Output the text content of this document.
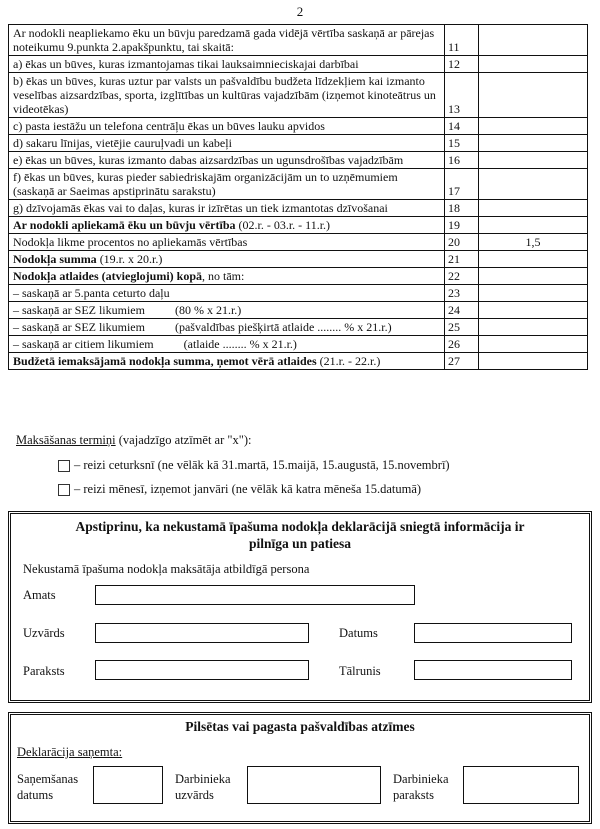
2
Ar nodokli neapliekamo ēku un būvju paredzamā gada vidējā vērtība saskaņā ar pārejas noteikumu 9.punkta 2.apakšpunktu, tai skaitā:	11	
a) ēkas un būves, kuras izmantojamas tikai lauksaimnieciskajai darbībai	12	
b) ēkas un būves, kuras uztur par valsts un pašvaldību budžeta līdzekļiem kai izmanto veselības aizsardzības, sporta, izglītības un kultūras vajadzībām (izņemot kinoteātrus un videotēkas)	13	
c) pasta iestāžu un telefona centrāļu ēkas un būves lauku apvidos	14	
d) sakaru līnijas, vietējie cauruļvadi un kabeļi	15	
e) ēkas un būves, kuras izmanto dabas aizsardzības un ugunsdrošības vajadzībām	16	
f) ēkas un būves, kuras pieder sabiedriskajām organizācijām un to uzņēmumiem (saskaņā ar Saeimas apstiprinātu sarakstu)	17	
g) dzīvojamās ēkas vai to daļas, kuras ir izīrētas un tiek izmantotas dzīvošanai	18	
Ar nodokli apliekamā ēku un būvju vērtība (02.r. - 03.r. - 11.r.)	19	
Nodokļa likme procentos no apliekamās vērtības	20	1,5
Nodokļa summa (19.r. x 20.r.)	21	
Nodokļa atlaides (atvieglojumi) kopā, no tām:	22	
– saskaņā ar 5.panta ceturto daļu	23	
– saskaņā ar SEZ likumiem          (80 % x 21.r.)	24	
– saskaņā ar SEZ likumiem          (pašvaldības piešķirtā atlaide ........ % x 21.r.)	25	
– saskaņā ar citiem likumiem          (atlaide ........ % x 21.r.)	26	
Budžetā iemaksājamā nodokļa summa, ņemot vērā atlaides (21.r. - 22.r.)	27	
Maksāšanas termiņi (vajadzīgo atzīmēt ar "x"):
– reizi ceturksnī (ne vēlāk kā 31.martā, 15.maijā, 15.augustā, 15.novembrī)
– reizi mēnesī, izņemot janvāri (ne vēlāk kā katra mēneša 15.datumā)
Apstiprinu, ka nekustamā īpašuma nodokļa deklarācijā sniegtā informācija ir
pilnīga un patiesa
Nekustamā īpašuma nodokļa maksātāja atbildīgā persona
Amats
Uzvārds	Datums
Paraksts	Tālrunis
Pilsētas vai pagasta pašvaldības atzīmes
Deklarācija saņemta:
Saņemšanas
datums
Darbinieka
uzvārds
Darbinieka
paraksts
